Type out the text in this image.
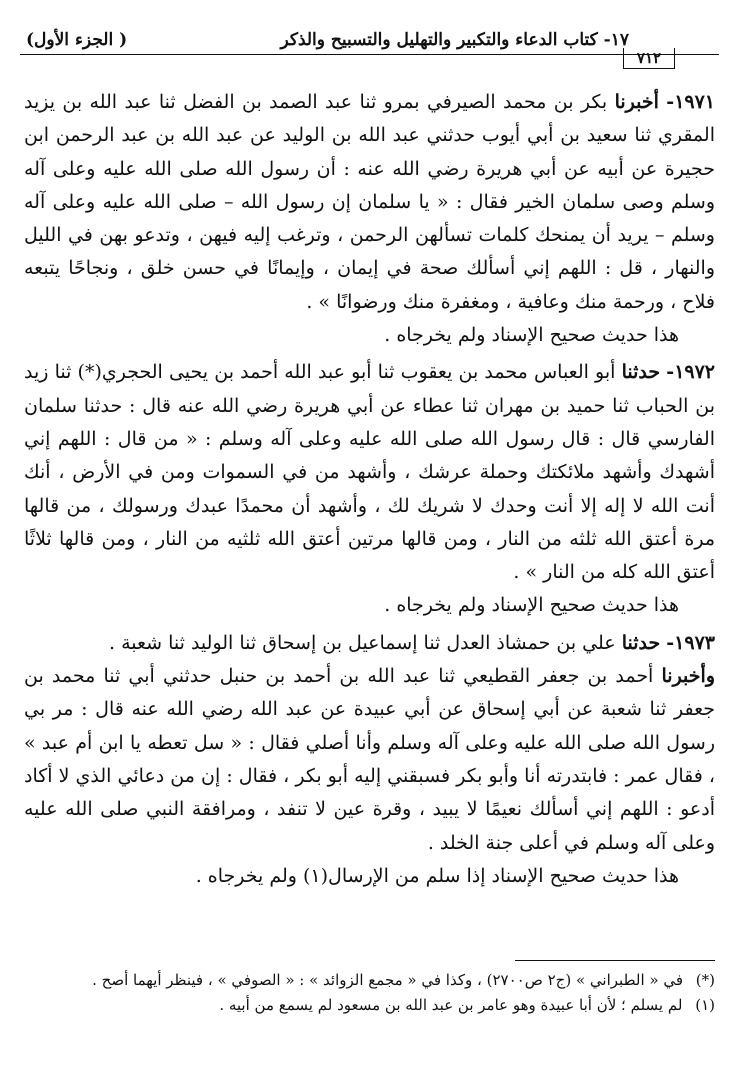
١٧- كتاب الدعاء والتكبير والتهليل والتسبيح والذكر
( الجزء الأول)
٧١٢

١٩٧١- أخبرنا بكر بن محمد الصيرفي بمرو ثنا عبد الصمد بن الفضل ثنا عبد الله بن يزيد المقري ثنا سعيد بن أبي أيوب حدثني عبد الله بن الوليد عن عبد الله بن عبد الرحمن ابن حجيرة عن أبيه عن أبي هريرة رضي الله عنه : أن رسول الله صلى الله عليه وعلى آله وسلم وصى سلمان الخير فقال : « يا سلمان إن رسول الله – صلى الله عليه وعلى آله وسلم – يريد أن يمنحك كلمات تسألهن الرحمن ، وترغب إليه فيهن ، وتدعو بهن في الليل والنهار ، قل : اللهم إني أسألك صحة في إيمان ، وإيمانًا في حسن خلق ، ونجاحًا يتبعه فلاح ، ورحمة منك وعافية ، ومغفرة منك ورضوانًا » .

هذا حديث صحيح الإسناد ولم يخرجاه .

١٩٧٢- حدثنا أبو العباس محمد بن يعقوب ثنا أبو عبد الله أحمد بن يحيى الحجري(*) ثنا زيد بن الحباب ثنا حميد بن مهران ثنا عطاء عن أبي هريرة رضي الله عنه قال : حدثنا سلمان الفارسي قال : قال رسول الله صلى الله عليه وعلى آله وسلم : « من قال : اللهم إني أشهدك وأشهد ملائكتك وحملة عرشك ، وأشهد من في السموات ومن في الأرض ، أنك أنت الله لا إله إلا أنت وحدك لا شريك لك ، وأشهد أن محمدًا عبدك ورسولك ، من قالها مرة أعتق الله ثلثه من النار ، ومن قالها مرتين أعتق الله ثلثيه من النار ، ومن قالها ثلاثًا أعتق الله كله من النار » .

هذا حديث صحيح الإسناد ولم يخرجاه .

١٩٧٣- حدثنا علي بن حمشاذ العدل ثنا إسماعيل بن إسحاق ثنا الوليد ثنا شعبة .

وأخبرنا أحمد بن جعفر القطيعي ثنا عبد الله بن أحمد بن حنبل حدثني أبي ثنا محمد بن جعفر ثنا شعبة عن أبي إسحاق عن أبي عبيدة عن عبد الله رضي الله عنه قال : مر بي رسول الله صلى الله عليه وعلى آله وسلم وأنا أصلي فقال : « سل تعطه يا ابن أم عبد » ، فقال عمر : فابتدرته أنا وأبو بكر فسبقني إليه أبو بكر ، فقال : إن من دعائي الذي لا أكاد أدعو : اللهم إني أسألك نعيمًا لا يبيد ، وقرة عين لا تنفد ، ومرافقة النبي صلى الله عليه وعلى آله وسلم في أعلى جنة الخلد .

هذا حديث صحيح الإسناد إذا سلم من الإرسال(١) ولم يخرجاه .

(*) في « الطبراني » (ج٢ ص٢٧٠٠) ، وكذا في « مجمع الزوائد » : « الصوفي » ، فينظر أيهما أصح .

(١) لم يسلم ؛ لأن أبا عبيدة وهو عامر بن عبد الله بن مسعود لم يسمع من أبيه .
